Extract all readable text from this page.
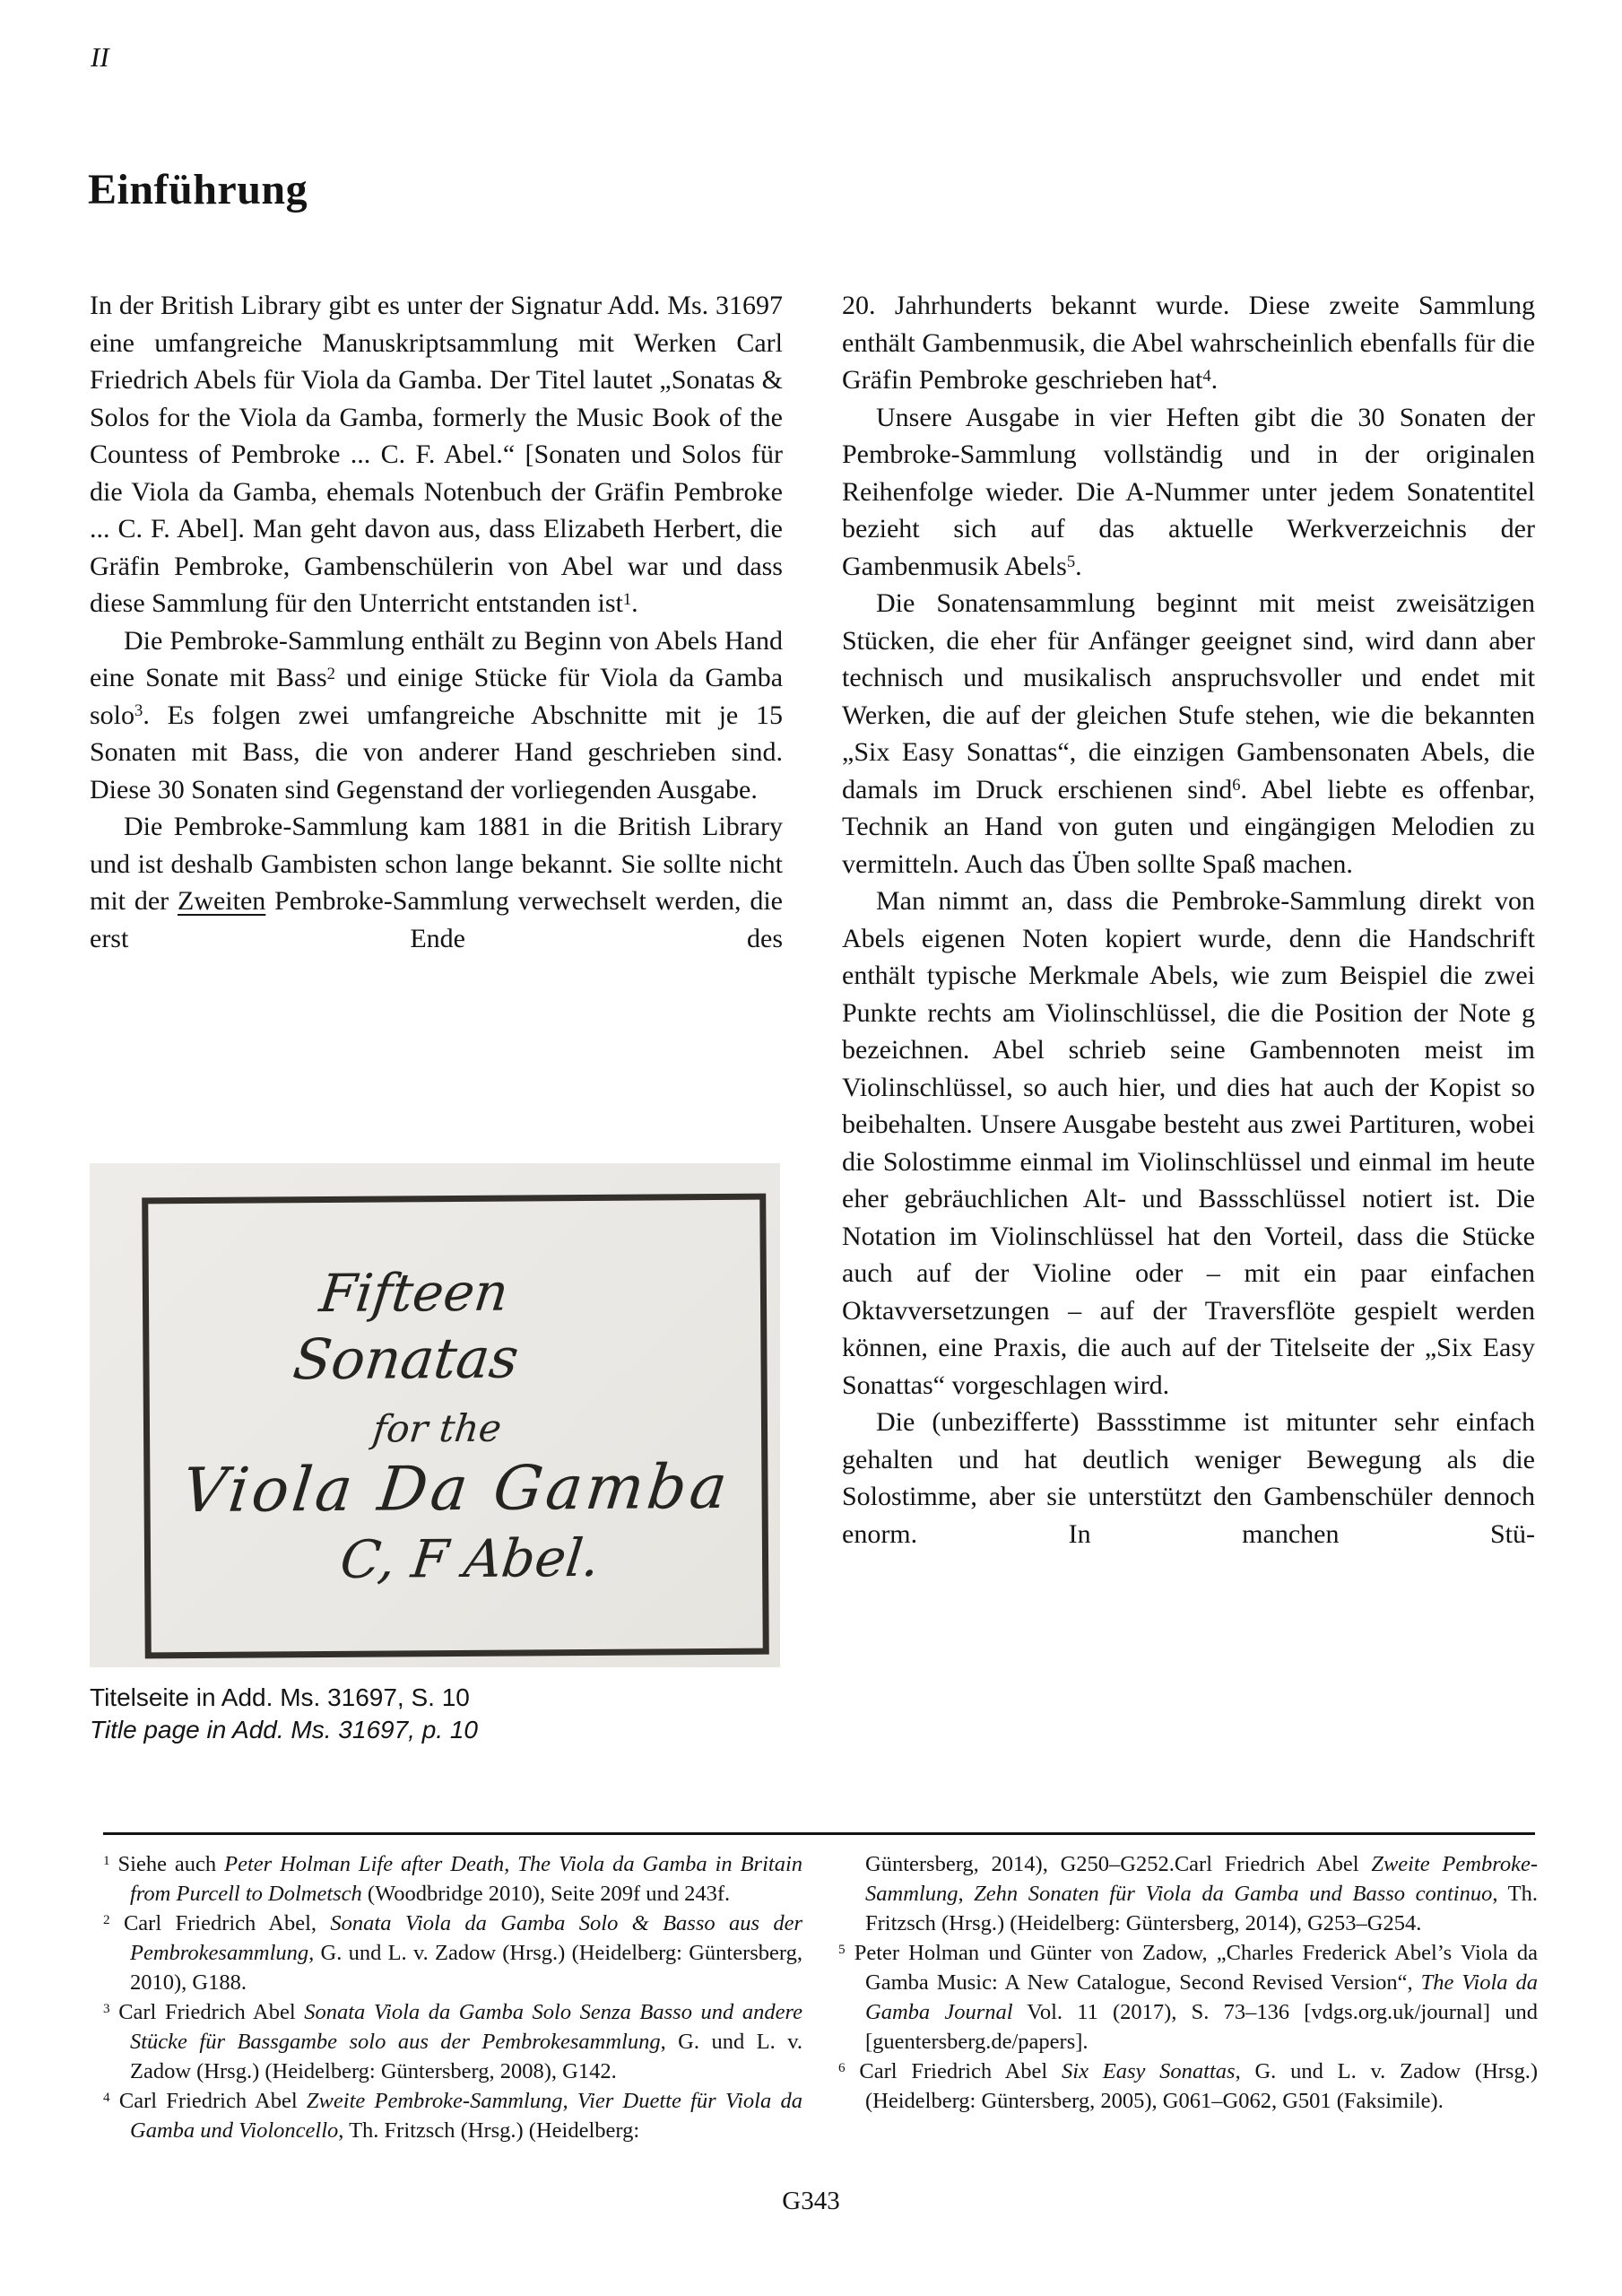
II
Einführung
In der British Library gibt es unter der Signatur Add. Ms. 31697 eine umfangreiche Manuskriptsammlung mit Werken Carl Friedrich Abels für Viola da Gamba. Der Titel lautet „Sonatas & Solos for the Viola da Gamba, formerly the Music Book of the Countess of Pembroke ... C. F. Abel.“ [Sonaten und Solos für die Viola da Gamba, ehemals Notenbuch der Gräfin Pembroke ... C. F. Abel]. Man geht davon aus, dass Elizabeth Herbert, die Gräfin Pembroke, Gambenschülerin von Abel war und dass diese Sammlung für den Unterricht entstanden ist$^1$.
Die Pembroke-Sammlung enthält zu Beginn von Abels Hand eine Sonate mit Bass$^2$ und einige Stücke für Viola da Gamba solo$^3$. Es folgen zwei umfangreiche Abschnitte mit je 15 Sonaten mit Bass, die von anderer Hand geschrieben sind. Diese 30 Sonaten sind Gegenstand der vorliegenden Ausgabe.
Die Pembroke-Sammlung kam 1881 in die British Library und ist deshalb Gambisten schon lange bekannt. Sie sollte nicht mit der Zweiten Pembroke-Sammlung verwechselt werden, die erst Ende des
20. Jahrhunderts bekannt wurde. Diese zweite Sammlung enthält Gambenmusik, die Abel wahrscheinlich ebenfalls für die Gräfin Pembroke geschrieben hat$^4$.
Unsere Ausgabe in vier Heften gibt die 30 Sonaten der Pembroke-Sammlung vollständig und in der originalen Reihenfolge wieder. Die A-Nummer unter jedem Sonatentitel bezieht sich auf das aktuelle Werkverzeichnis der Gambenmusik Abels$^5$.
Die Sonatensammlung beginnt mit meist zweisätzigen Stücken, die eher für Anfänger geeignet sind, wird dann aber technisch und musikalisch anspruchsvoller und endet mit Werken, die auf der gleichen Stufe stehen, wie die bekannten „Six Easy Sonattas“, die einzigen Gambensonaten Abels, die damals im Druck erschienen sind$^6$. Abel liebte es offenbar, Technik an Hand von guten und eingängigen Melodien zu vermitteln. Auch das Üben sollte Spaß machen.
Man nimmt an, dass die Pembroke-Sammlung direkt von Abels eigenen Noten kopiert wurde, denn die Handschrift enthält typische Merkmale Abels, wie zum Beispiel die zwei Punkte rechts am Violinschlüssel, die die Position der Note g bezeichnen. Abel schrieb seine Gambennoten meist im Violinschlüssel, so auch hier, und dies hat auch der Kopist so beibehalten. Unsere Ausgabe besteht aus zwei Partituren, wobei die Solostimme einmal im Violinschlüssel und einmal im heute eher gebräuchlichen Alt- und Bassschlüssel notiert ist. Die Notation im Violinschlüssel hat den Vorteil, dass die Stücke auch auf der Violine oder – mit ein paar einfachen Oktavversetzungen – auf der Traversflöte gespielt werden können, eine Praxis, die auch auf der Titelseite der „Six Easy Sonattas“ vorgeschlagen wird.
Die (unbezifferte) Bassstimme ist mitunter sehr einfach gehalten und hat deutlich weniger Bewegung als die Solostimme, aber sie unterstützt den Gambenschüler dennoch enorm. In manchen Stü-
Fifteen
Sonatas
for the
Viola Da Gamba
C, F Abel.
Titelseite in Add. Ms. 31697, S. 10
Title page in Add. Ms. 31697, p. 10
$^1$ Siehe auch Peter Holman Life after Death, The Viola da Gamba in Britain from Purcell to Dolmetsch (Woodbridge 2010), Seite 209f und 243f.
$^2$ Carl Friedrich Abel, Sonata Viola da Gamba Solo & Basso aus der Pembrokesammlung, G. und L. v. Zadow (Hrsg.) (Heidelberg: Güntersberg, 2010), G188.
$^3$ Carl Friedrich Abel Sonata Viola da Gamba Solo Senza Basso und andere Stücke für Bassgambe solo aus der Pembrokesammlung, G. und L. v. Zadow (Hrsg.) (Heidelberg: Güntersberg, 2008), G142.
$^4$ Carl Friedrich Abel Zweite Pembroke-Sammlung, Vier Duette für Viola da Gamba und Violoncello, Th. Fritzsch (Hrsg.) (Heidelberg:
Güntersberg, 2014), G250–G252.Carl Friedrich Abel Zweite Pembroke-Sammlung, Zehn Sonaten für Viola da Gamba und Basso continuo, Th. Fritzsch (Hrsg.) (Heidelberg: Güntersberg, 2014), G253–G254.
$^5$ Peter Holman und Günter von Zadow, „Charles Frederick Abel’s Viola da Gamba Music: A New Catalogue, Second Revised Version“, The Viola da Gamba Journal Vol. 11 (2017), S. 73–136 [vdgs.org.uk/journal] und [guentersberg.de/papers].
$^6$ Carl Friedrich Abel Six Easy Sonattas, G. und L. v. Zadow (Hrsg.) (Heidelberg: Güntersberg, 2005), G061–G062, G501 (Faksimile).
G343
